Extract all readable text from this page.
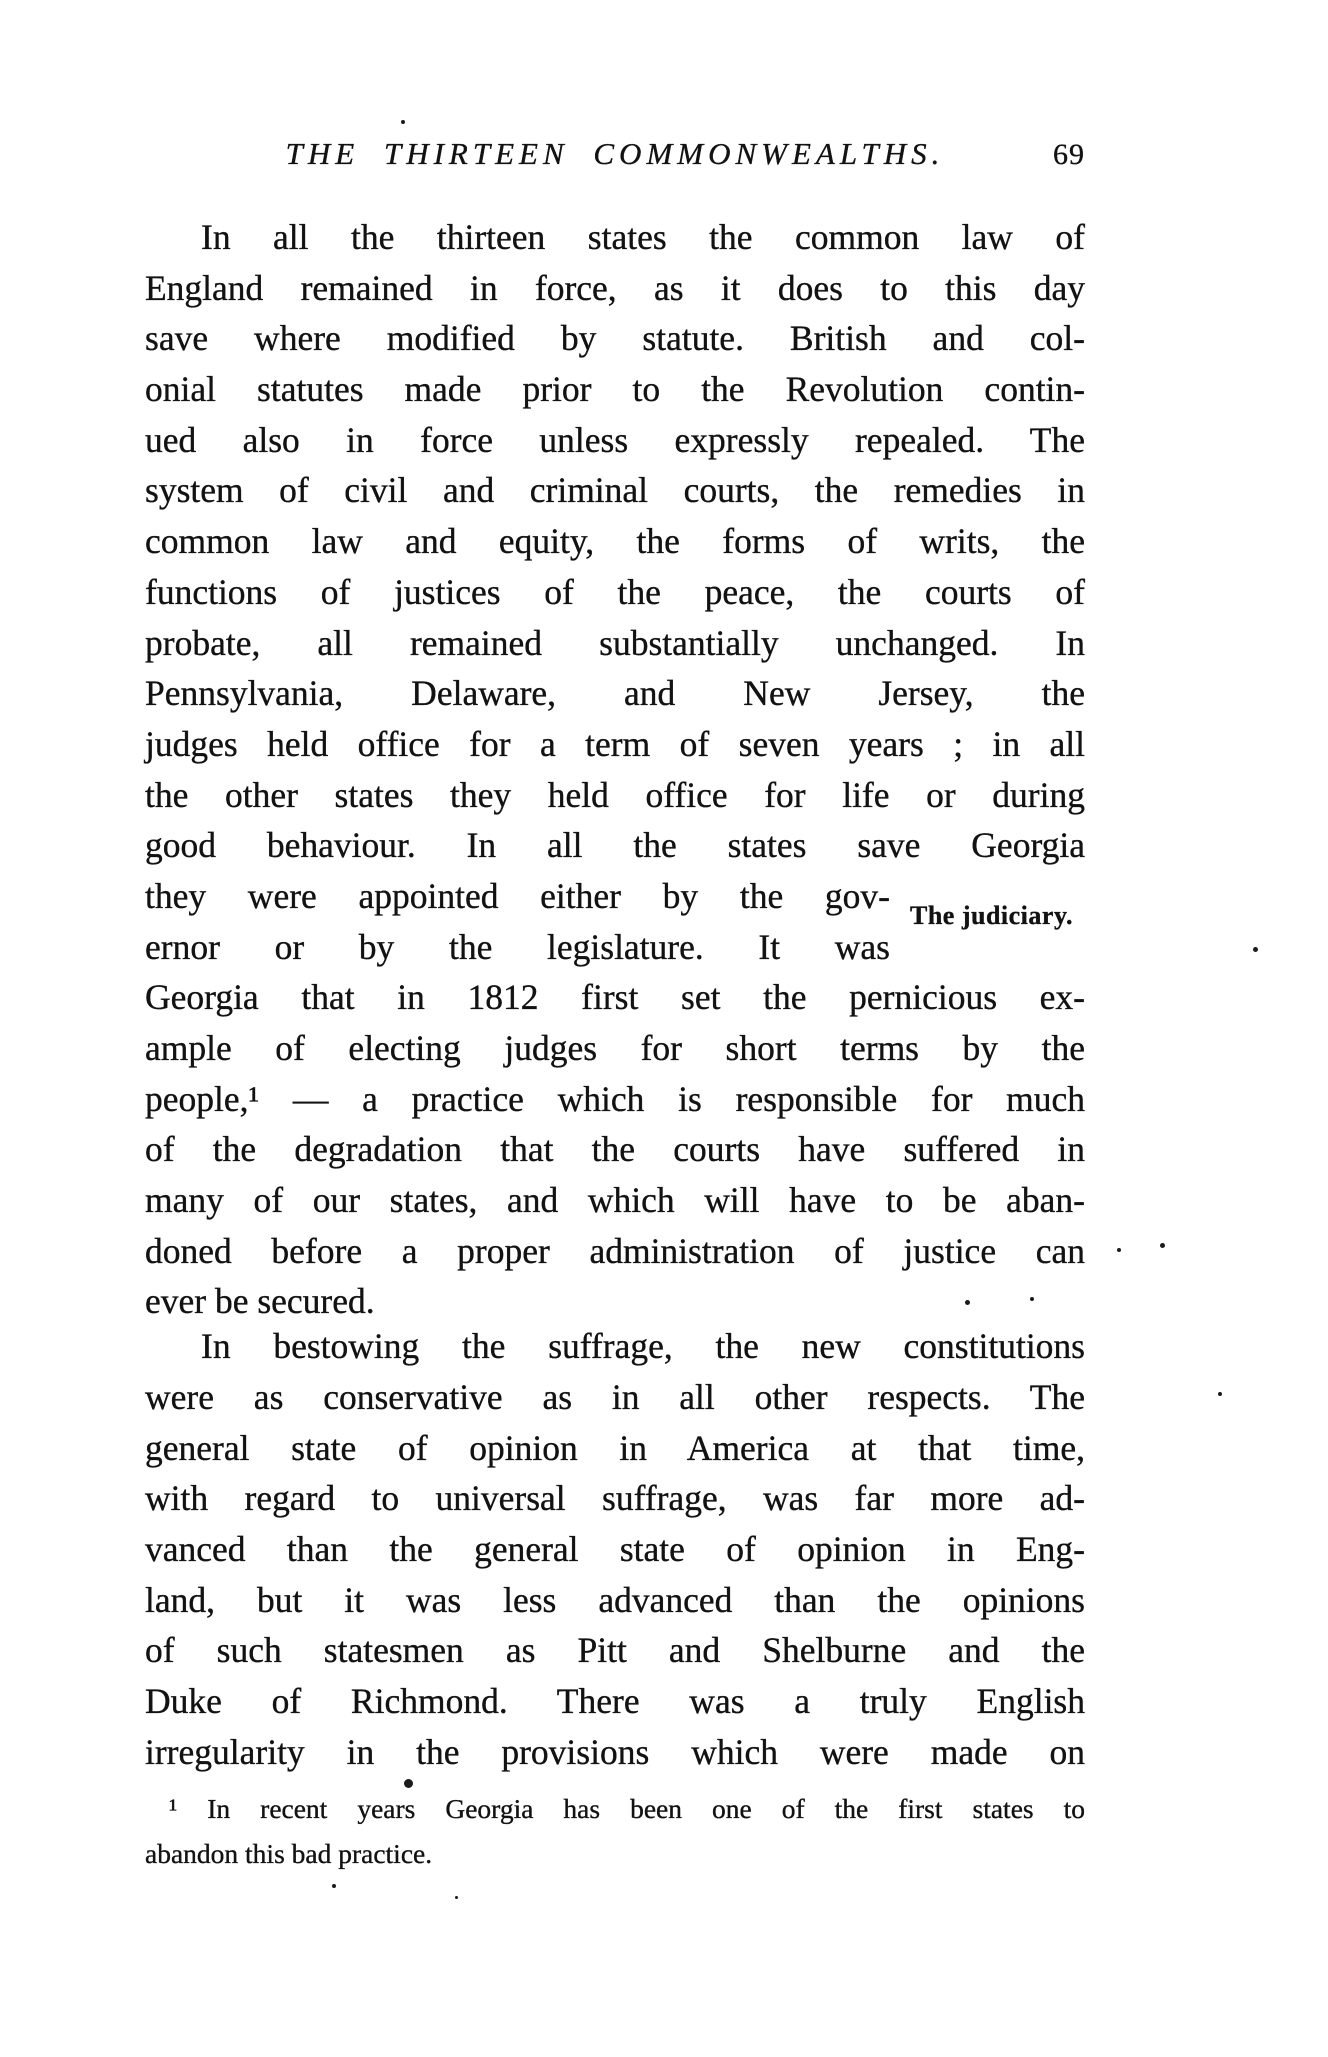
THE THIRTEEN COMMONWEALTHS.	69
In all the thirteen states the common law of
England remained in force, as it does to this day
save where modified by statute. British and col-
onial statutes made prior to the Revolution contin-
ued also in force unless expressly repealed. The
system of civil and criminal courts, the remedies in
common law and equity, the forms of writs, the
functions of justices of the peace, the courts of
probate, all remained substantially unchanged. In
Pennsylvania, Delaware, and New Jersey, the
judges held office for a term of seven years ; in all
the other states they held office for life or during
good behaviour. In all the states save Georgia
they were appointed either by the gov-
ernor or by the legislature. It was
Georgia that in 1812 first set the pernicious ex-
ample of electing judges for short terms by the
people,¹ — a practice which is responsible for much
of the degradation that the courts have suffered in
many of our states, and which will have to be aban-
doned before a proper administration of justice can
ever be secured.
In bestowing the suffrage, the new constitutions
were as conservative as in all other respects. The
general state of opinion in America at that time,
with regard to universal suffrage, was far more ad-
vanced than the general state of opinion in Eng-
land, but it was less advanced than the opinions
of such statesmen as Pitt and Shelburne and the
Duke of Richmond. There was a truly English
irregularity in the provisions which were made on
The judiciary.
¹ In recent years Georgia has been one of the first states to
abandon this bad practice.
